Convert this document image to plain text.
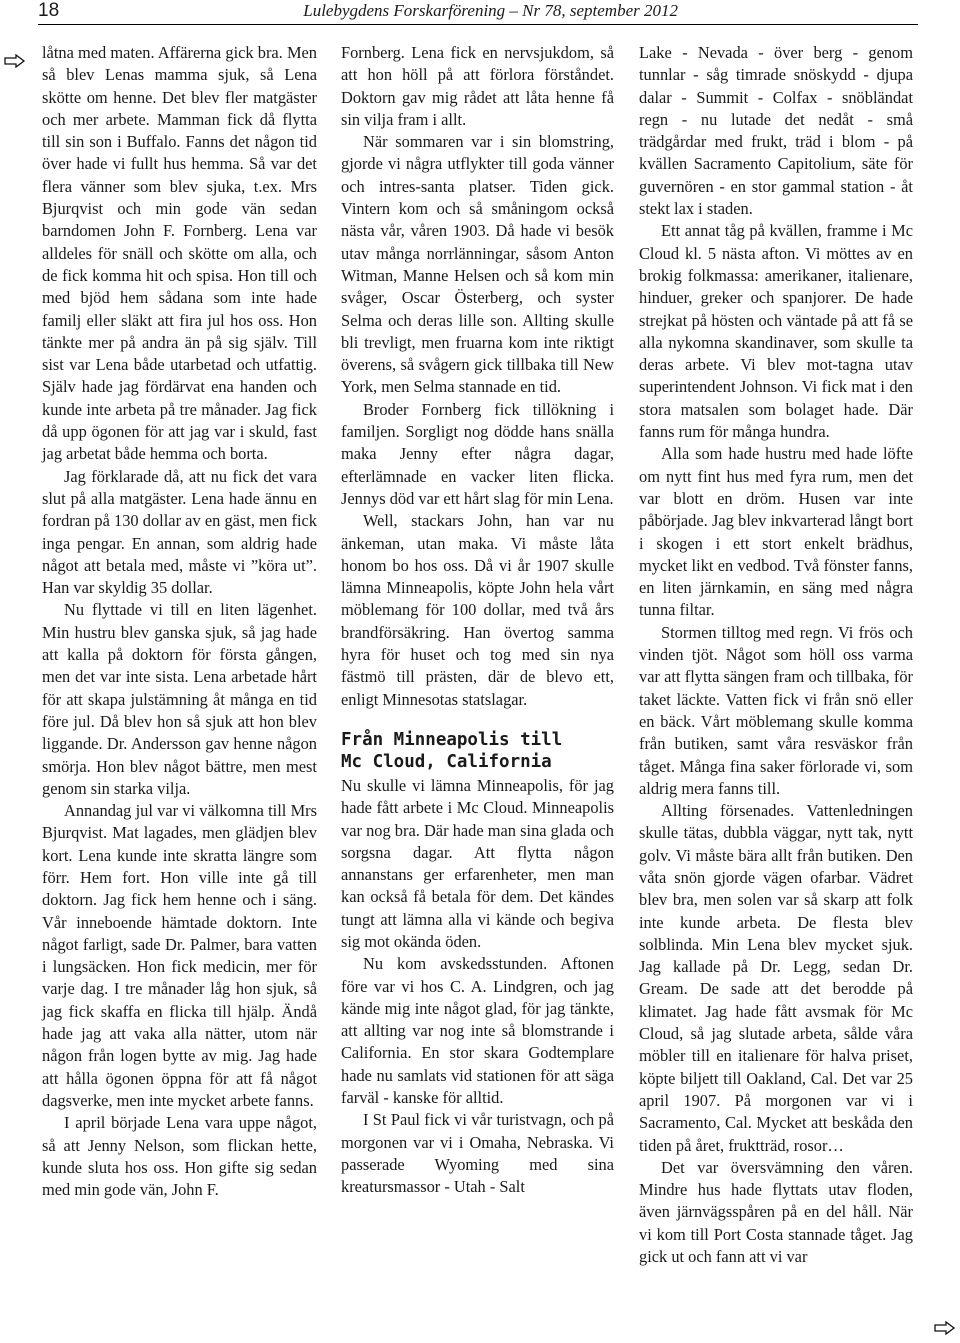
18	Lulebygdens Forskarförening – Nr 78, september 2012

låtna med maten. Affärerna gick bra. Men så blev Lenas mamma sjuk, så Lena skötte om henne. Det blev fler matgäster och mer arbete. Mamman fick då flytta till sin son i Buffalo. Fanns det någon tid över hade vi fullt hus hemma. Så var det flera vänner som blev sjuka, t.ex. Mrs Bjurqvist och min gode vän sedan barndomen John F. Fornberg. Lena var alldeles för snäll och skötte om alla, och de fick komma hit och spisa. Hon till och med bjöd hem sådana som inte hade familj eller släkt att fira jul hos oss. Hon tänkte mer på andra än på sig själv. Till sist var Lena både utarbetad och utfattig. Själv hade jag fördärvat ena handen och kunde inte arbeta på tre månader. Jag fick då upp ögonen för att jag var i skuld, fast jag arbetat både hemma och borta.

Jag förklarade då, att nu fick det vara slut på alla matgäster. Lena hade ännu en fordran på 130 dollar av en gäst, men fick inga pengar. En annan, som aldrig hade något att betala med, måste vi ”köra ut”. Han var skyldig 35 dollar.

Nu flyttade vi till en liten lägenhet. Min hustru blev ganska sjuk, så jag hade att kalla på doktorn för första gången, men det var inte sista. Lena arbetade hårt för att skapa julstämning åt många en tid före jul. Då blev hon så sjuk att hon blev liggande. Dr. Andersson gav henne någon smörja. Hon blev något bättre, men mest genom sin starka vilja.

Annandag jul var vi välkomna till Mrs Bjurqvist. Mat lagades, men glädjen blev kort. Lena kunde inte skratta längre som förr. Hem fort. Hon ville inte gå till doktorn. Jag fick hem henne och i säng. Vår inneboende hämtade doktorn. Inte något farligt, sade Dr. Palmer, bara vatten i lungsäcken. Hon fick medicin, mer för varje dag. I tre månader låg hon sjuk, så jag fick skaffa en flicka till hjälp. Ändå hade jag att vaka alla nätter, utom när någon från logen bytte av mig. Jag hade att hålla ögonen öppna för att få något dagsverke, men inte mycket arbete fanns.

I april började Lena vara uppe något, så att Jenny Nelson, som flickan hette, kunde sluta hos oss. Hon gifte sig sedan med min gode vän, John F.

Fornberg. Lena fick en nervsjukdom, så att hon höll på att förlora förståndet. Doktorn gav mig rådet att låta henne få sin vilja fram i allt.

När sommaren var i sin blomstring, gjorde vi några utflykter till goda vänner och intres-santa platser. Tiden gick. Vintern kom och så småningom också nästa vår, våren 1903. Då hade vi besök utav många norrlänningar, såsom Anton Witman, Manne Helsen och så kom min svåger, Oscar Österberg, och syster Selma och deras lille son. Allting skulle bli trevligt, men fruarna kom inte riktigt överens, så svågern gick tillbaka till New York, men Selma stannade en tid.

Broder Fornberg fick tillökning i familjen. Sorgligt nog dödde hans snälla maka Jenny efter några dagar, efterlämnade en vacker liten flicka. Jennys död var ett hårt slag för min Lena.

Well, stackars John, han var nu änkeman, utan maka. Vi måste låta honom bo hos oss. Då vi år 1907 skulle lämna Minneapolis, köpte John hela vårt möblemang för 100 dollar, med två års brandförsäkring. Han övertog samma hyra för huset och tog med sin nya fästmö till prästen, där de blevo ett, enligt Minnesotas statslagar.

Från Minneapolis till
Mc Cloud, California

Nu skulle vi lämna Minneapolis, för jag hade fått arbete i Mc Cloud. Minneapolis var nog bra. Där hade man sina glada och sorgsna dagar. Att flytta någon annanstans ger erfarenheter, men man kan också få betala för dem. Det kändes tungt att lämna alla vi kände och begiva sig mot okända öden.

Nu kom avskedsstunden. Aftonen före var vi hos C. A. Lindgren, och jag kände mig inte något glad, för jag tänkte, att allting var nog inte så blomstrande i California. En stor skara Godtemplare hade nu samlats vid stationen för att säga farväl - kanske för alltid.

I St Paul fick vi vår turistvagn, och på morgonen var vi i Omaha, Nebraska. Vi passerade Wyoming med sina kreatursmassor - Utah - Salt

Lake - Nevada - över berg - genom tunnlar - såg timrade snöskydd - djupa dalar - Summit - Colfax - snöbländat regn - nu lutade det nedåt - små trädgårdar med frukt, träd i blom - på kvällen Sacramento Capitolium, säte för guvernören - en stor gammal station - åt stekt lax i staden.

Ett annat tåg på kvällen, framme i Mc Cloud kl. 5 nästa afton. Vi möttes av en brokig folkmassa: amerikaner, italienare, hinduer, greker och spanjorer. De hade strejkat på hösten och väntade på att få se alla nykomna skandinaver, som skulle ta deras arbete. Vi blev mot-tagna utav superintendent Johnson. Vi fick mat i den stora matsalen som bolaget hade. Där fanns rum för många hundra.

Alla som hade hustru med hade löfte om nytt fint hus med fyra rum, men det var blott en dröm. Husen var inte påbörjade. Jag blev inkvarterad långt bort i skogen i ett stort enkelt brädhus, mycket likt en vedbod. Två fönster fanns, en liten järnkamin, en säng med några tunna filtar.

Stormen tilltog med regn. Vi frös och vinden tjöt. Något som höll oss varma var att flytta sängen fram och tillbaka, för taket läckte. Vatten fick vi från snö eller en bäck. Vårt möblemang skulle komma från butiken, samt våra resväskor från tåget. Många fina saker förlorade vi, som aldrig mera fanns till.

Allting försenades. Vattenledningen skulle tätas, dubbla väggar, nytt tak, nytt golv. Vi måste bära allt från butiken. Den våta snön gjorde vägen ofarbar. Vädret blev bra, men solen var så skarp att folk inte kunde arbeta. De flesta blev solblinda. Min Lena blev mycket sjuk. Jag kallade på Dr. Legg, sedan Dr. Gream. De sade att det berodde på klimatet. Jag hade fått avsmak för Mc Cloud, så jag slutade arbeta, sålde våra möbler till en italienare för halva priset, köpte biljett till Oakland, Cal. Det var 25 april 1907. På morgonen var vi i Sacramento, Cal. Mycket att beskåda den tiden på året, fruktträd, rosor…

Det var översvämning den våren. Mindre hus hade flyttats utav floden, även järnvägsspåren på en del håll. När vi kom till Port Costa stannade tåget. Jag gick ut och fann att vi var
